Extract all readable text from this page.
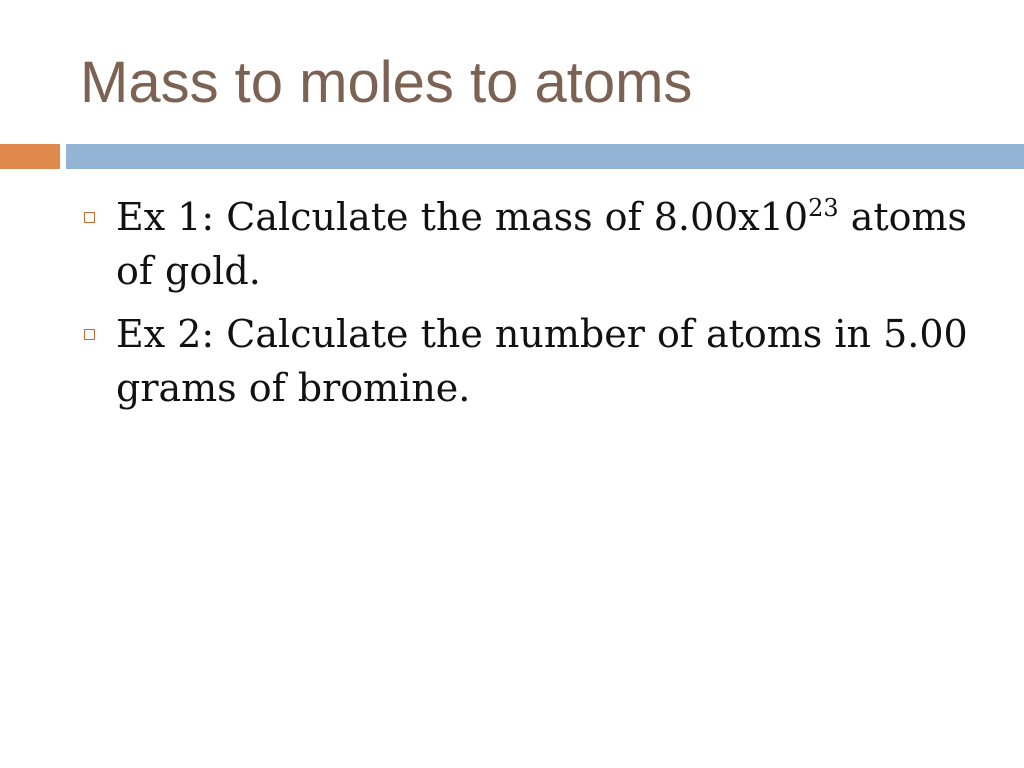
Mass to moles to atoms
Ex 1: Calculate the mass of $8.00x10^{23}$ atoms of gold.
Ex 2: Calculate the number of atoms in 5.00 grams of bromine.
